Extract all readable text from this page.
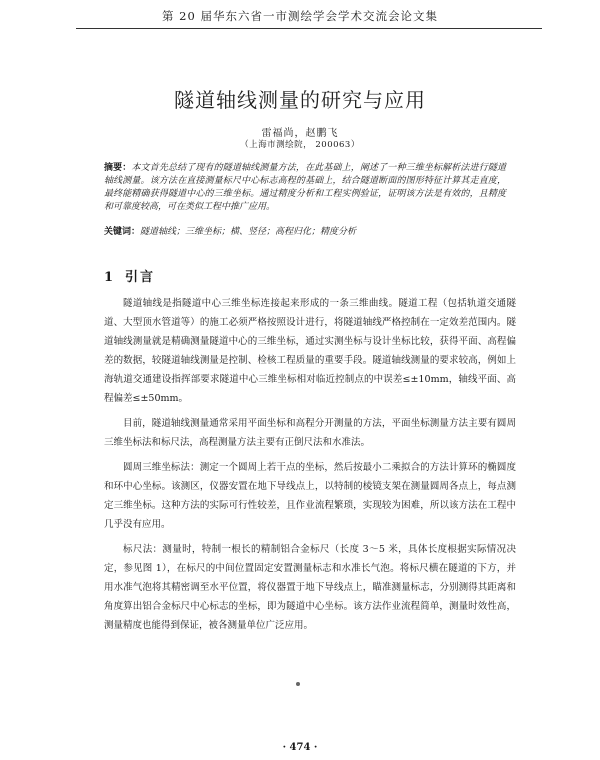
第 20 届华东六省一市测绘学会学术交流会论文集
隧道轴线测量的研究与应用
雷福尚，赵鹏飞
（上海市测绘院， 200063）
摘要：本文首先总结了现有的隧道轴线测量方法，在此基础上，阐述了一种三维坐标解析法进行隧道轴线测量。该方法在直接测量标尺中心标志高程的基础上，结合隧道断面的图形特征计算其走直度，最终能精确获得隧道中心的三维坐标。通过精度分析和工程实例验证，证明该方法是有效的，且精度和可靠度较高，可在类似工程中推广应用。
关键词：隧道轴线；三维坐标；横、竖径；高程归化；精度分析
1 引言

隧道轴线是指隧道中心三维坐标连接起来形成的一条三维曲线。隧道工程（包括轨道交通隧道、大型顶水管道等）的施工必须严格按照设计进行，将隧道轴线严格控制在一定效差范围内。隧道轴线测量就是精确测量隧道中心的三维坐标，通过实测坐标与设计坐标比较，获得平面、高程偏差的数据，较隧道轴线测量是控制、检核工程质量的重要手段。隧道轴线测量的要求较高，例如上海轨道交通建设指挥部要求隧道中心三维坐标相对临近控制点的中误差≤±10mm，轴线平面、高程偏差≤±50mm。

目前，隧道轴线测量通常采用平面坐标和高程分开测量的方法，平面坐标测量方法主要有圆周三维坐标法和标尺法，高程测量方法主要有正倒尺法和水准法。

圆周三维坐标法：测定一个圆周上若干点的坐标，然后按最小二乘拟合的方法计算环的椭圆度和环中心坐标。该测区，仪器安置在地下导线点上，以特制的棱镜支架在测量圆周各点上，每点测定三维坐标。这种方法的实际可行性较差，且作业流程繁琐，实现较为困难，所以该方法在工程中几乎没有应用。

标尺法：测量时，特制一根长的精制铝合金标尺（长度 3～5 米，具体长度根据实际情况决定，参见图 1），在标尺的中间位置固定安置测量标志和水准长气泡。将标尺横在隧道的下方，并用水准气泡将其精密调至水平位置，将仪器置于地下导线点上，瞄准测量标志，分别测得其距离和角度算出铝合金标尺中心标志的坐标，即为隧道中心坐标。该方法作业流程简单，测量时效性高，测量精度也能得到保证，被各测量单位广泛应用。

· 474 ·
